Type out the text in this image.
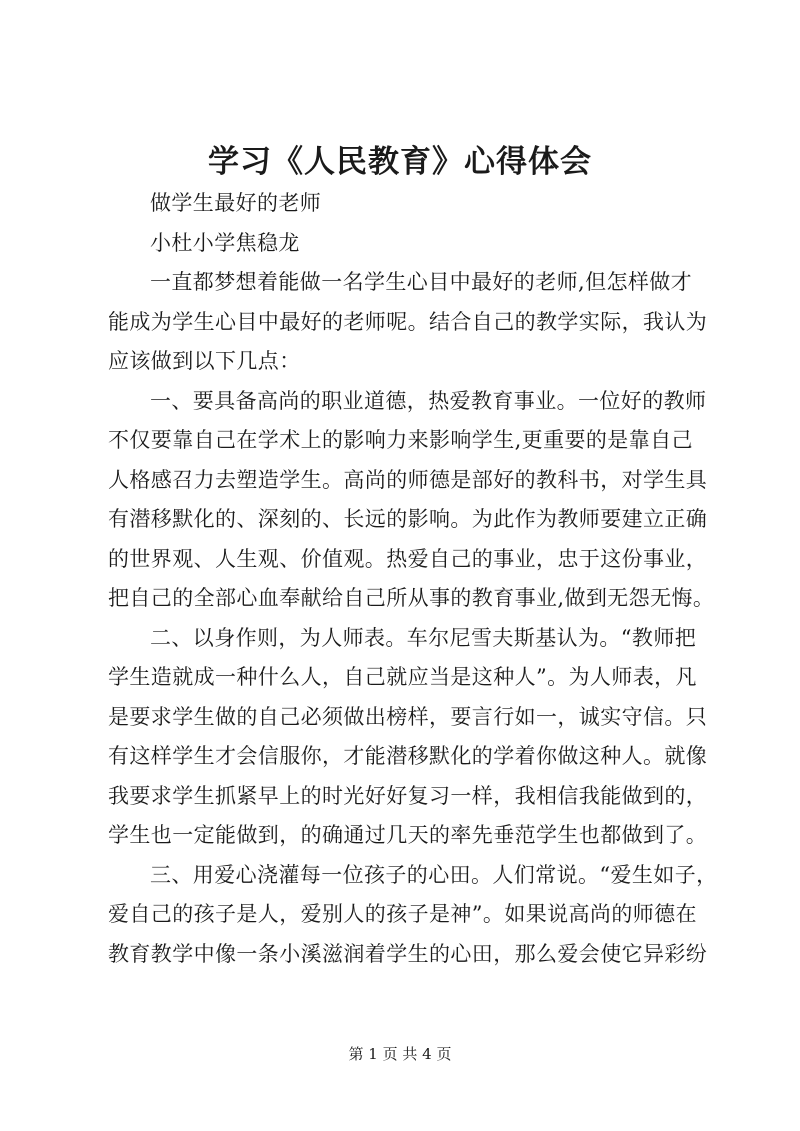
学习《人民教育》心得体会
做学生最好的老师
小杜小学焦稳龙
一直都梦想着能做一名学生心目中最好的老师,但怎样做才
能成为学生心目中最好的老师呢。结合自己的教学实际，我认为
应该做到以下几点：
一、要具备高尚的职业道德，热爱教育事业。一位好的教师
不仅要靠自己在学术上的影响力来影响学生,更重要的是靠自己
人格感召力去塑造学生。高尚的师德是部好的教科书，对学生具
有潜移默化的、深刻的、长远的影响。为此作为教师要建立正确
的世界观、人生观、价值观。热爱自己的事业，忠于这份事业，
把自己的全部心血奉献给自己所从事的教育事业,做到无怨无悔。
二、以身作则，为人师表。车尔尼雪夫斯基认为。“教师把
学生造就成一种什么人，自己就应当是这种人”。为人师表，凡
是要求学生做的自己必须做出榜样，要言行如一，诚实守信。只
有这样学生才会信服你，才能潜移默化的学着你做这种人。就像
我要求学生抓紧早上的时光好好复习一样，我相信我能做到的，
学生也一定能做到，的确通过几天的率先垂范学生也都做到了。
三、用爱心浇灌每一位孩子的心田。人们常说。“爱生如子，
爱自己的孩子是人，爱别人的孩子是神”。如果说高尚的师德在
教育教学中像一条小溪滋润着学生的心田，那么爱会使它异彩纷
第 1 页 共 4 页
